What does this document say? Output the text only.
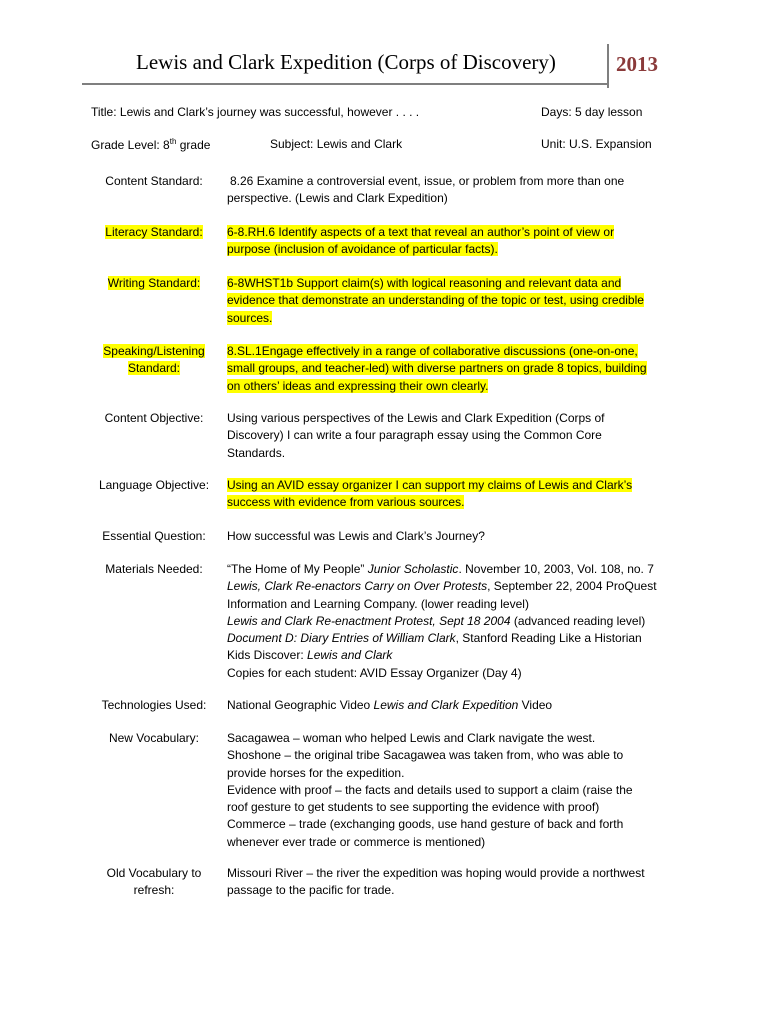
Lewis and Clark Expedition (Corps of Discovery)	2013
Title: Lewis and Clark’s journey was successful, however . . . .	Days: 5 day lesson
Grade Level: 8th grade	Subject: Lewis and Clark	Unit: U.S. Expansion
Content Standard:	8.26 Examine a controversial event, issue, or problem from more than one
perspective. (Lewis and Clark Expedition)
Literacy Standard:	6-8.RH.6 Identify aspects of a text that reveal an author’s point of view or
purpose (inclusion of avoidance of particular facts).
Writing Standard:	6-8WHST1b Support claim(s) with logical reasoning and relevant data and
evidence that demonstrate an understanding of the topic or test, using credible
sources.
Speaking/Listening
Standard:
8.SL.1Engage effectively in a range of collaborative discussions (one-on-one,
small groups, and teacher-led) with diverse partners on grade 8 topics, building
on others’ ideas and expressing their own clearly.
Content Objective:	Using various perspectives of the Lewis and Clark Expedition (Corps of
Discovery) I can write a four paragraph essay using the Common Core
Standards.
Language Objective:	Using an AVID essay organizer I can support my claims of Lewis and Clark’s
success with evidence from various sources.
Essential Question:	How successful was Lewis and Clark’s Journey?
Materials Needed:	“The Home of My People” Junior Scholastic. November 10, 2003, Vol. 108, no. 7
Lewis, Clark Re-enactors Carry on Over Protests, September 22, 2004 ProQuest
Information and Learning Company. (lower reading level)
Lewis and Clark Re-enactment Protest, Sept 18 2004 (advanced reading level)
Document D: Diary Entries of William Clark, Stanford Reading Like a Historian
Kids Discover: Lewis and Clark
Copies for each student: AVID Essay Organizer (Day 4)
Technologies Used:	National Geographic Video Lewis and Clark Expedition Video
New Vocabulary:	Sacagawea – woman who helped Lewis and Clark navigate the west.
Shoshone – the original tribe Sacagawea was taken from, who was able to
provide horses for the expedition.
Evidence with proof – the facts and details used to support a claim (raise the
roof gesture to get students to see supporting the evidence with proof)
Commerce – trade (exchanging goods, use hand gesture of back and forth
whenever ever trade or commerce is mentioned)
Old Vocabulary to
refresh:
Missouri River – the river the expedition was hoping would provide a northwest
passage to the pacific for trade.
